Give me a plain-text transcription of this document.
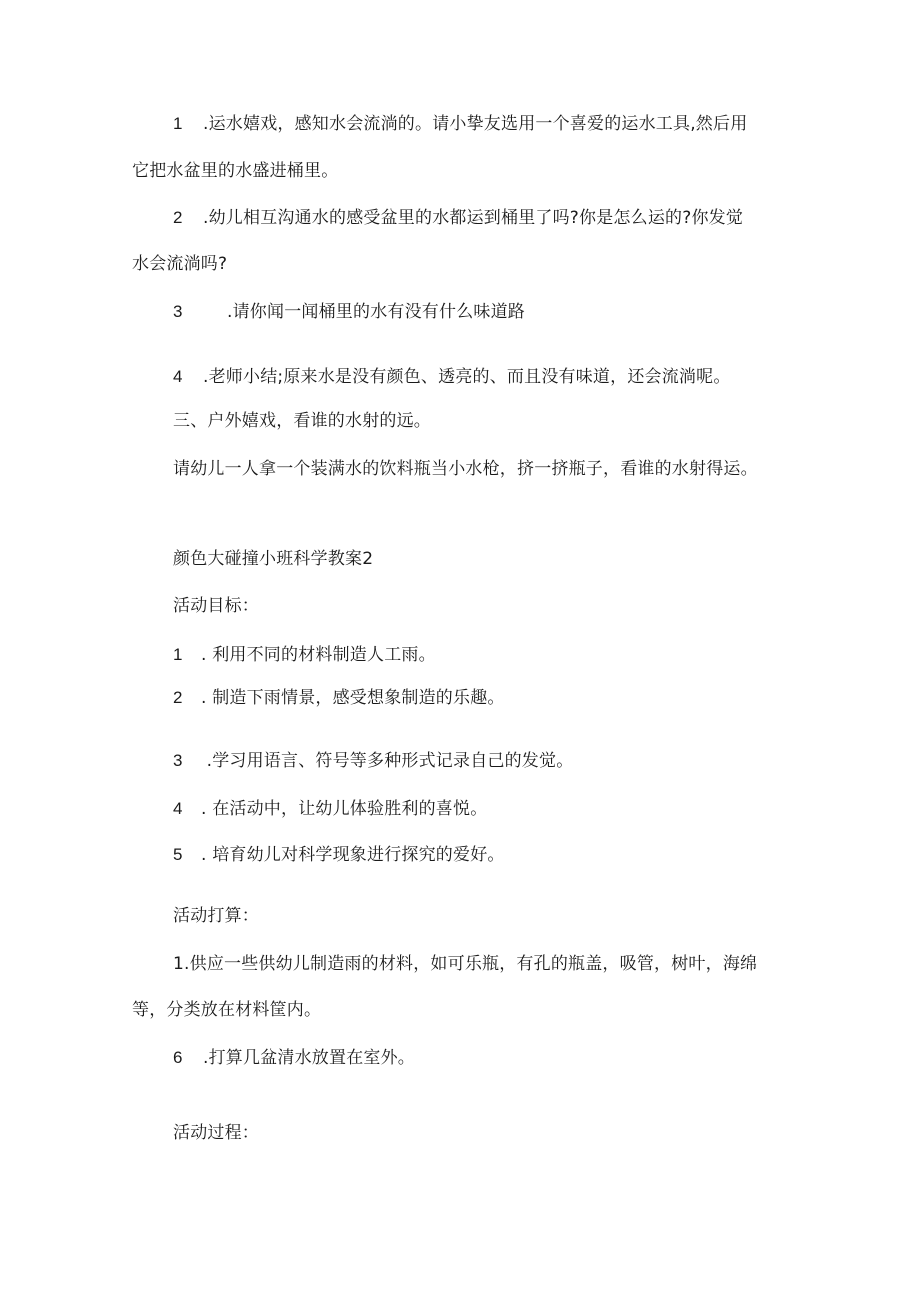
1 .运水嬉戏，感知水会流淌的。请小挚友选用一个喜爱的运水工具,然后用

它把水盆里的水盛进桶里。

2 .幼儿相互沟通水的感受盆里的水都运到桶里了吗?你是怎么运的?你发觉

水会流淌吗?

3	.请你闻一闻桶里的水有没有什么味道路

4 .老师小结;原来水是没有颜色、透亮的、而且没有味道，还会流淌呢。

三、户外嬉戏，看谁的水射的远。

请幼儿一人拿一个装满水的饮料瓶当小水枪，挤一挤瓶子，看谁的水射得运。

颜色大碰撞小班科学教案2

活动目标：

1 . 利用不同的材料制造人工雨。

2 . 制造下雨情景，感受想象制造的乐趣。

3 .学习用语言、符号等多种形式记录自己的发觉。

4 . 在活动中，让幼儿体验胜利的喜悦。

5 . 培育幼儿对科学现象进行探究的爱好。

活动打算：

1.供应一些供幼儿制造雨的材料，如可乐瓶，有孔的瓶盖，吸管，树叶，海绵

等，分类放在材料筐内。

6 .打算几盆清水放置在室外。

活动过程：
